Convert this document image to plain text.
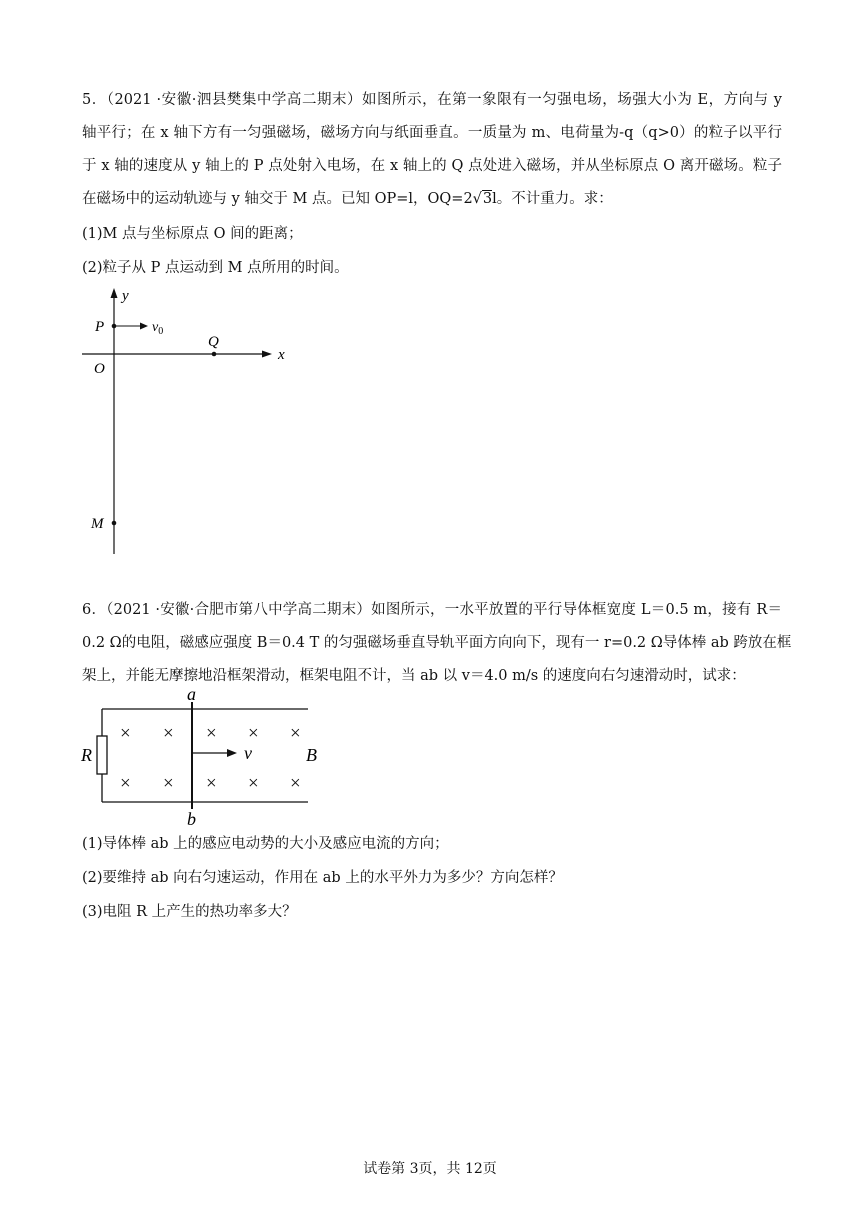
5．（2021 ·安徽·泗县樊集中学高二期末）如图所示，在第一象限有一匀强电场，场强大小为 E，方向与 y
轴平行；在 x 轴下方有一匀强磁场，磁场方向与纸面垂直。一质量为 m、电荷量为-q（q>0）的粒子以平行
于 x 轴的速度从 y 轴上的 P 点处射入电场，在 x 轴上的 Q 点处进入磁场，并从坐标原点 O 离开磁场。粒子
在磁场中的运动轨迹与 y 轴交于 M 点。已知 OP=l，OQ=2√3l。不计重力。求：
(1)M 点与坐标原点 O 间的距离；
(2)粒子从 P 点运动到 M 点所用的时间。
y
x
P	$v_0$
Q
O
M
6．（2021 ·安徽·合肥市第八中学高二期末）如图所示，一水平放置的平行导体框宽度 L＝0.5 m，接有 R＝
0.2 Ω的电阻，磁感应强度 B＝0.4 T 的匀强磁场垂直导轨平面方向向下，现有一 r=0.2 Ω导体棒 ab 跨放在框
架上，并能无摩擦地沿框架滑动，框架电阻不计，当 ab 以 v＝4.0 m/s 的速度向右匀速滑动时，试求：
R
a
b
v
× × × × ×
× × × × ×
B
(1)导体棒 ab 上的感应电动势的大小及感应电流的方向；
(2)要维持 ab 向右匀速运动，作用在 ab 上的水平外力为多少？方向怎样？
(3)电阻 R 上产生的热功率多大？
试卷第 3页，共 12页
